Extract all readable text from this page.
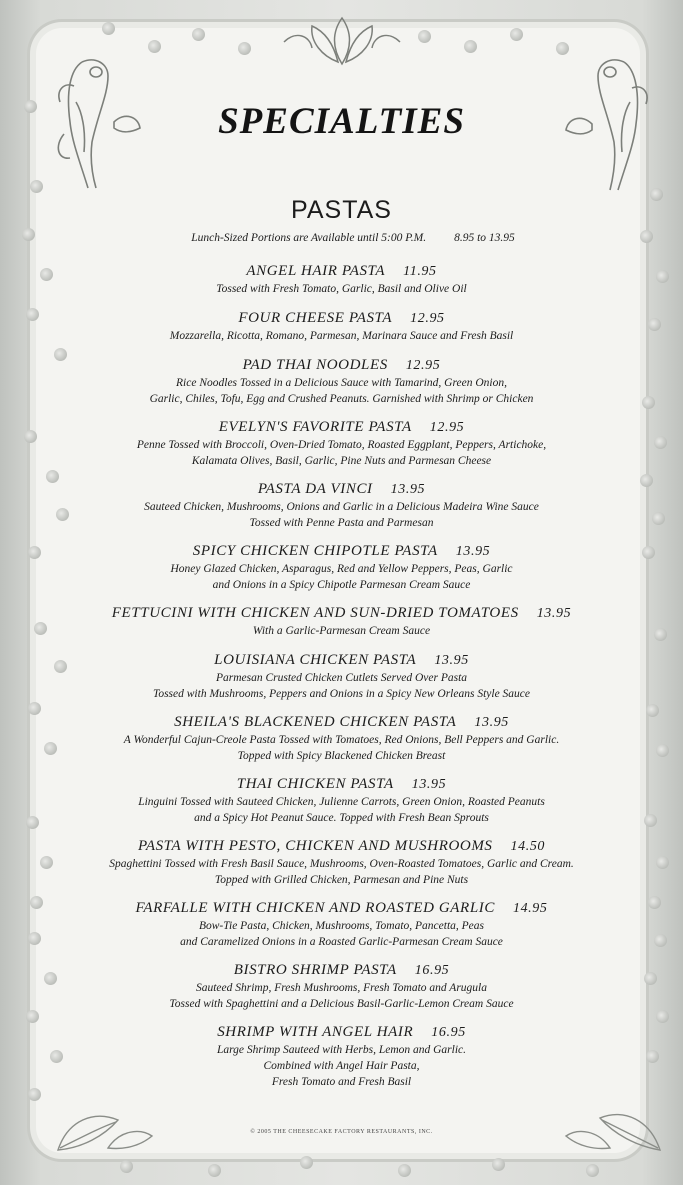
SPECIALTIES
PASTAS
Lunch-Sized Portions are Available until 5:00 P.M. 8.95 to 13.95
ANGEL HAIR PASTA 11.95
Tossed with Fresh Tomato, Garlic, Basil and Olive Oil
FOUR CHEESE PASTA 12.95
Mozzarella, Ricotta, Romano, Parmesan, Marinara Sauce and Fresh Basil
PAD THAI NOODLES 12.95
Rice Noodles Tossed in a Delicious Sauce with Tamarind, Green Onion,
Garlic, Chiles, Tofu, Egg and Crushed Peanuts. Garnished with Shrimp or Chicken
EVELYN'S FAVORITE PASTA 12.95
Penne Tossed with Broccoli, Oven-Dried Tomato, Roasted Eggplant, Peppers, Artichoke,
Kalamata Olives, Basil, Garlic, Pine Nuts and Parmesan Cheese
PASTA DA VINCI 13.95
Sauteed Chicken, Mushrooms, Onions and Garlic in a Delicious Madeira Wine Sauce
Tossed with Penne Pasta and Parmesan
SPICY CHICKEN CHIPOTLE PASTA 13.95
Honey Glazed Chicken, Asparagus, Red and Yellow Peppers, Peas, Garlic
and Onions in a Spicy Chipotle Parmesan Cream Sauce
FETTUCINI WITH CHICKEN AND SUN-DRIED TOMATOES 13.95
With a Garlic-Parmesan Cream Sauce
LOUISIANA CHICKEN PASTA 13.95
Parmesan Crusted Chicken Cutlets Served Over Pasta
Tossed with Mushrooms, Peppers and Onions in a Spicy New Orleans Style Sauce
SHEILA'S BLACKENED CHICKEN PASTA 13.95
A Wonderful Cajun-Creole Pasta Tossed with Tomatoes, Red Onions, Bell Peppers and Garlic.
Topped with Spicy Blackened Chicken Breast
THAI CHICKEN PASTA 13.95
Linguini Tossed with Sauteed Chicken, Julienne Carrots, Green Onion, Roasted Peanuts
and a Spicy Hot Peanut Sauce. Topped with Fresh Bean Sprouts
PASTA WITH PESTO, CHICKEN AND MUSHROOMS 14.50
Spaghettini Tossed with Fresh Basil Sauce, Mushrooms, Oven-Roasted Tomatoes, Garlic and Cream.
Topped with Grilled Chicken, Parmesan and Pine Nuts
FARFALLE WITH CHICKEN AND ROASTED GARLIC 14.95
Bow-Tie Pasta, Chicken, Mushrooms, Tomato, Pancetta, Peas
and Caramelized Onions in a Roasted Garlic-Parmesan Cream Sauce
BISTRO SHRIMP PASTA 16.95
Sauteed Shrimp, Fresh Mushrooms, Fresh Tomato and Arugula
Tossed with Spaghettini and a Delicious Basil-Garlic-Lemon Cream Sauce
SHRIMP WITH ANGEL HAIR 16.95
Large Shrimp Sauteed with Herbs, Lemon and Garlic.
Combined with Angel Hair Pasta,
Fresh Tomato and Fresh Basil
© 2005 THE CHEESECAKE FACTORY RESTAURANTS, INC.
